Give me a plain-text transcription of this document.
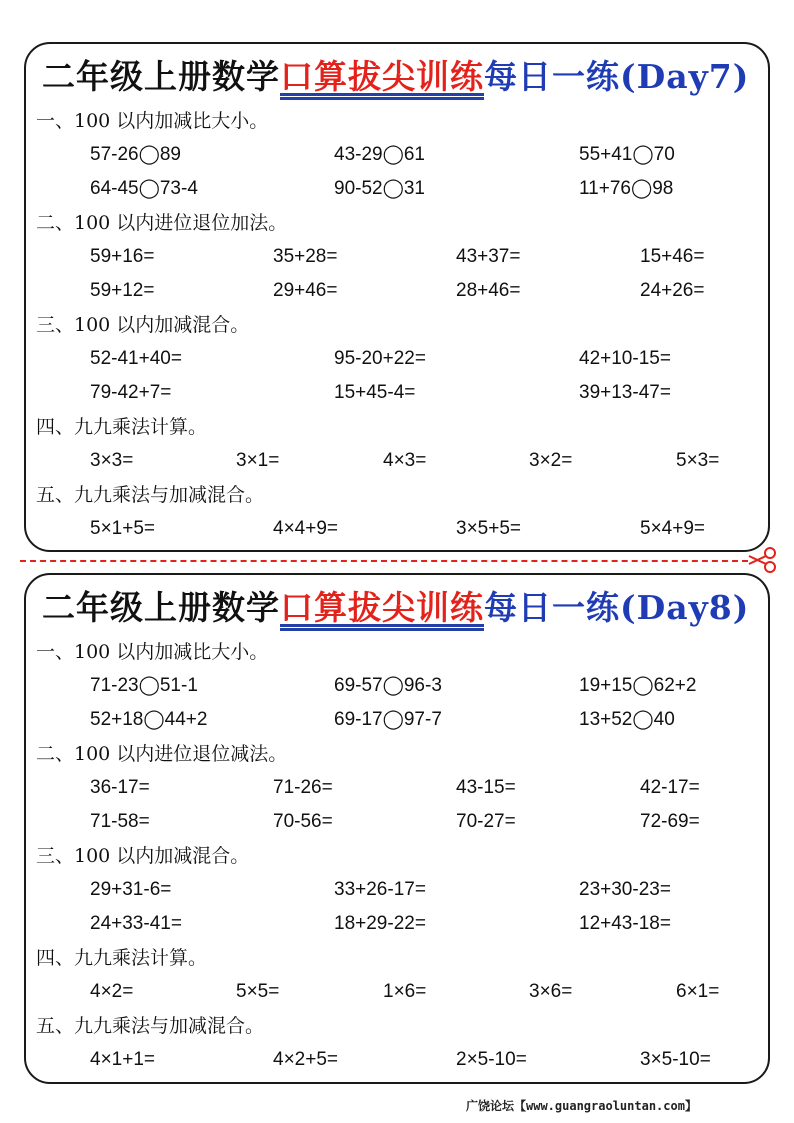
二年级上册数学 口算拔尖训练 每日一练(Day7)
一、100 以内加减比大小。
57-26◯89	43-29◯61	55+41◯70
64-45◯73-4	90-52◯31	11+76◯98
二、100 以内进位退位加法。
59+16=	35+28=	43+37=	15+46=
59+12=	29+46=	28+46=	24+26=
三、100 以内加减混合。
52-41+40=	95-20+22=	42+10-15=
79-42+7=	15+45-4=	39+13-47=
四、九九乘法计算。
3×3=	3×1=	4×3=	3×2=	5×3=
五、九九乘法与加减混合。
5×1+5=	4×4+9=	3×5+5=	5×4+9=
二年级上册数学 口算拔尖训练 每日一练(Day8)
一、100 以内加减比大小。
71-23◯51-1	69-57◯96-3	19+15◯62+2
52+18◯44+2	69-17◯97-7	13+52◯40
二、100 以内进位退位减法。
36-17=	71-26=	43-15=	42-17=
71-58=	70-56=	70-27=	72-69=
三、100 以内加减混合。
29+31-6=	33+26-17=	23+30-23=
24+33-41=	18+29-22=	12+43-18=
四、九九乘法计算。
4×2=	5×5=	1×6=	3×6=	6×1=
五、九九乘法与加减混合。
4×1+1=	4×2+5=	2×5-10=	3×5-10=
广饶论坛【www.guangraoluntan.com】
